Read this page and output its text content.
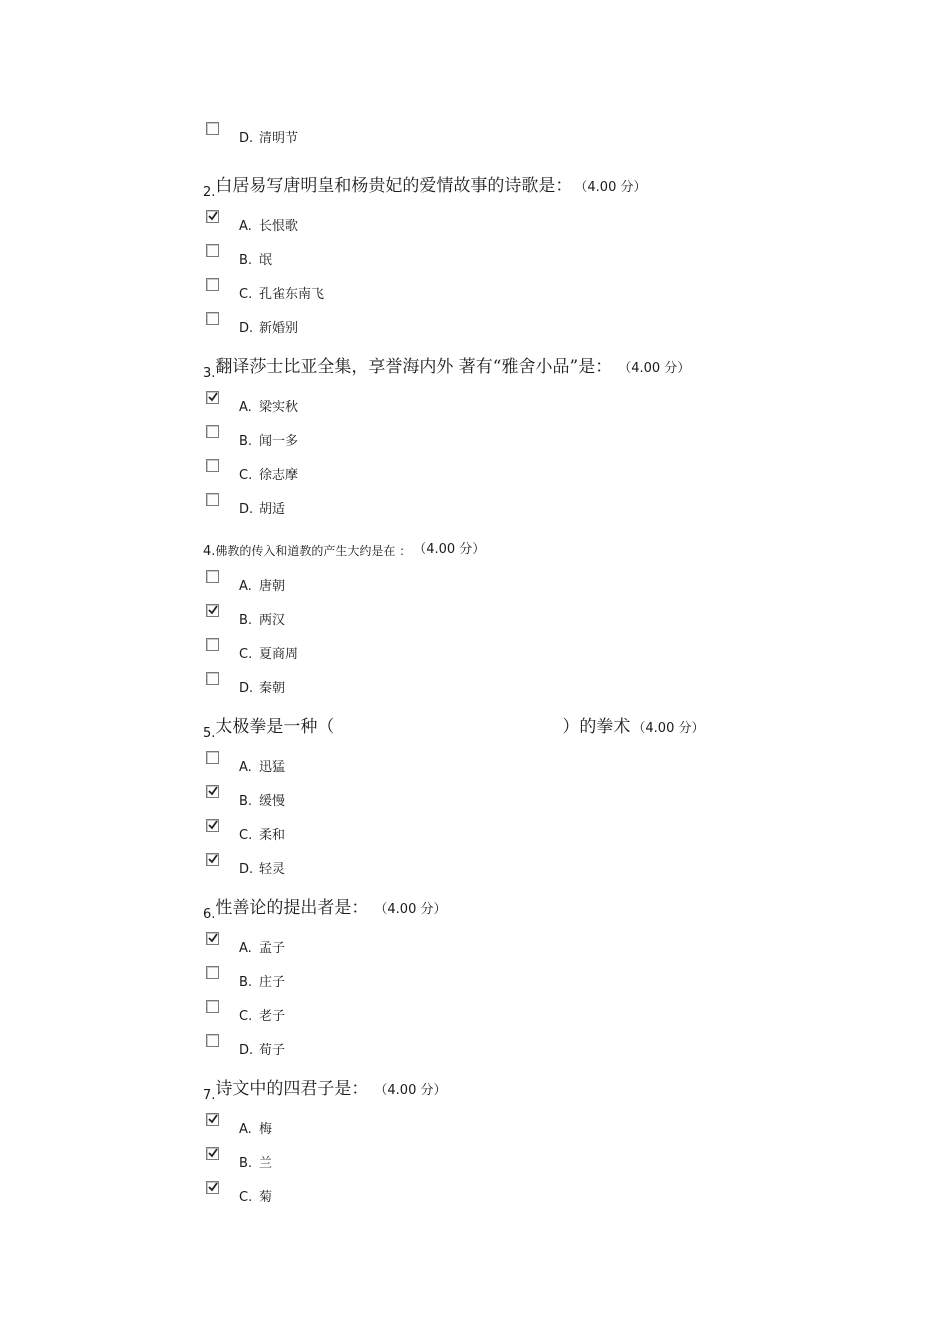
D. 清明节
2. 白居易写唐明皇和杨贵妃的爱情故事的诗歌是： （4.00 分）
A. 长恨歌
B. 氓
C. 孔雀东南飞
D. 新婚别
3. 翻译莎士比亚全集，享誉海内外 著有“雅舍小品”是： （4.00 分）
A. 梁实秋
B. 闻一多
C. 徐志摩
D. 胡适
4. 佛教的传入和道教的产生大约是在 ： （4.00 分）
A. 唐朝
B. 两汉
C. 夏商周
D. 秦朝
5. 太极拳是一种（	）的拳术 （4.00 分）
A. 迅猛
B. 缓慢
C. 柔和
D. 轻灵
6. 性善论的提出者是： （4.00 分）
A. 孟子
B. 庄子
C. 老子
D. 荀子
7. 诗文中的四君子是： （4.00 分）
A. 梅
B. 兰
C. 菊
